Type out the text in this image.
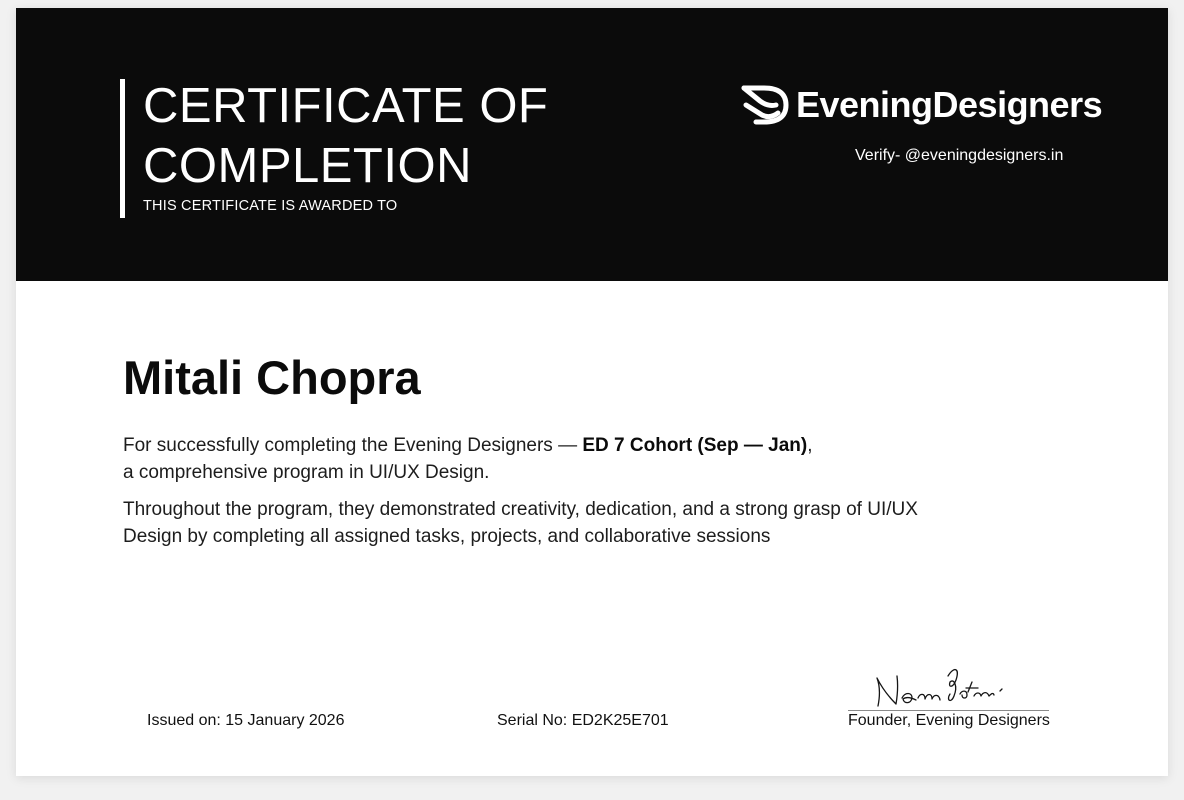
CERTIFICATE OF
COMPLETION
THIS CERTIFICATE IS AWARDED TO
EveningDesigners
Verify- @eveningdesigners.in
Mitali Chopra

For successfully completing the Evening Designers — ED 7 Cohort (Sep — Jan),
a comprehensive program in UI/UX Design.

Throughout the program, they demonstrated creativity, dedication, and a strong grasp of UI/UX
Design by completing all assigned tasks, projects, and collaborative sessions

Issued on: 15 January 2026	Serial No: ED2K25E701	Founder, Evening Designers
